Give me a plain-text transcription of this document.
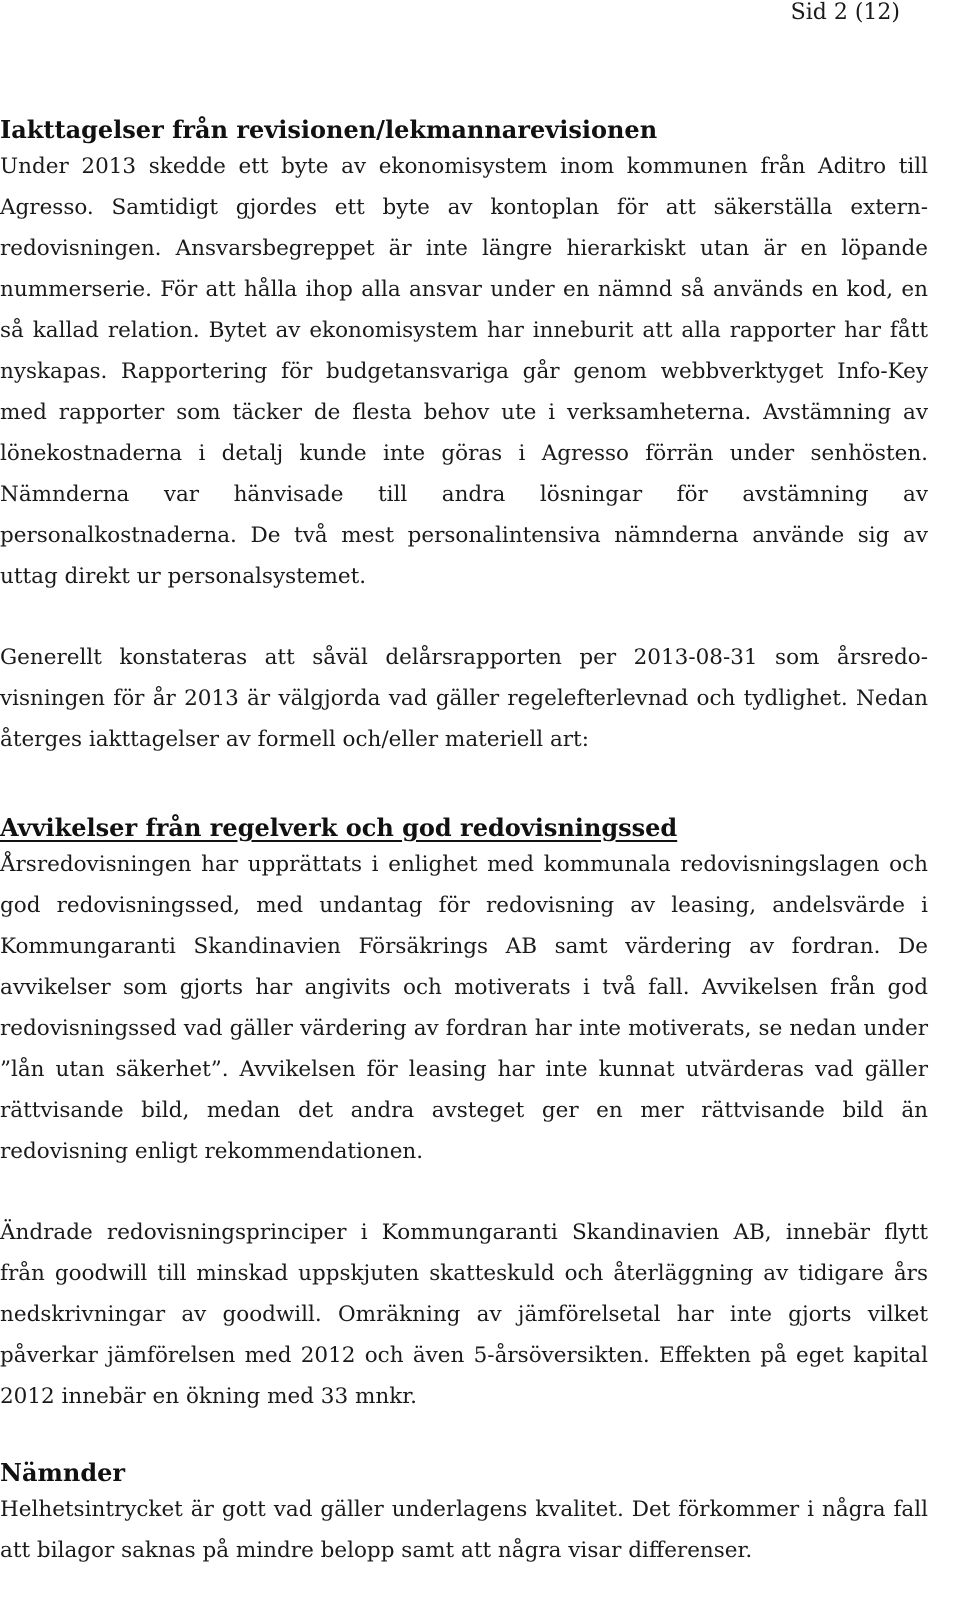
Sid 2 (12)
Iakttagelser från revisionen/lekmannarevisionen

Under 2013 skedde ett byte av ekonomisystem inom kommunen från Aditro till Agresso. Samtidigt gjordes ett byte av kontoplan för att säkerställa externredovisningen. Ansvarsbegreppet är inte längre hierarkiskt utan är en löpande nummerserie. För att hålla ihop alla ansvar under en nämnd så används en kod, en så kallad relation. Bytet av ekonomisystem har inneburit att alla rapporter har fått nyskapas. Rapportering för budgetansvariga går genom webbverktyget Info-Key med rapporter som täcker de flesta behov ute i verksamheterna. Avstämning av lönekostnaderna i detalj kunde inte göras i Agresso förrän under senhösten. Nämnderna var hänvisade till andra lösningar för avstämning av personalkostnaderna. De två mest personalintensiva nämnderna använde sig av uttag direkt ur personalsystemet.

Generellt konstateras att såväl delårsrapporten per 2013-08-31 som årsredovisningen för år 2013 är välgjorda vad gäller regelefterlevnad och tydlighet. Nedan återges iakttagelser av formell och/eller materiell art:

Avvikelser från regelverk och god redovisningssed

Årsredovisningen har upprättats i enlighet med kommunala redovisningslagen och god redovisningssed, med undantag för redovisning av leasing, andelsvärde i Kommungaranti Skandinavien Försäkrings AB samt värdering av fordran. De avvikelser som gjorts har angivits och motiverats i två fall. Avvikelsen från god redovisningssed vad gäller värdering av fordran har inte motiverats, se nedan under ”lån utan säkerhet”. Avvikelsen för leasing har inte kunnat utvärderas vad gäller rättvisande bild, medan det andra avsteget ger en mer rättvisande bild än redovisning enligt rekommendationen.

Ändrade redovisningsprinciper i Kommungaranti Skandinavien AB, innebär flytt från goodwill till minskad uppskjuten skatteskuld och återläggning av tidigare års nedskrivningar av goodwill. Omräkning av jämförelsetal har inte gjorts vilket påverkar jämförelsen med 2012 och även 5-årsöversikten. Effekten på eget kapital 2012 innebär en ökning med 33 mnkr.

Nämnder

Helhetsintrycket är gott vad gäller underlagens kvalitet. Det förkommer i några fall att bilagor saknas på mindre belopp samt att några visar differenser.
